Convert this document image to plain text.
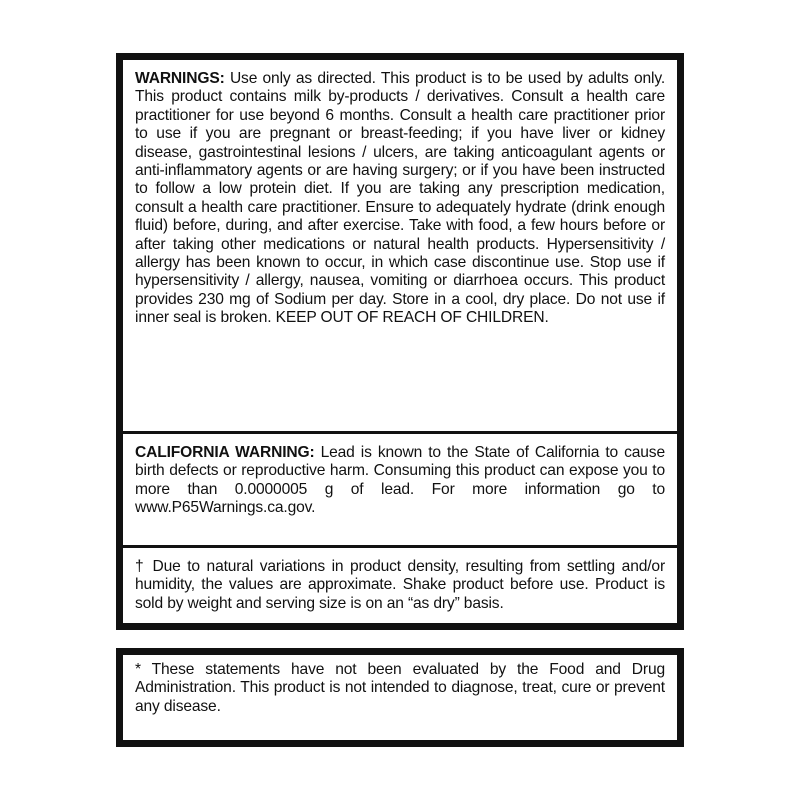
WARNINGS: Use only as directed. This product is to be used by adults only. This product contains milk by-products / derivatives. Consult a health care practitioner for use beyond 6 months. Consult a health care practitioner prior to use if you are pregnant or breast-feeding; if you have liver or kidney disease, gastrointestinal lesions / ulcers, are taking anticoagulant agents or anti-inflammatory agents or are having surgery; or if you have been instructed to follow a low protein diet. If you are taking any prescription medication, consult a health care practitioner. Ensure to adequately hydrate (drink enough fluid) before, during, and after exercise. Take with food, a few hours before or after taking other medications or natural health products. Hypersensitivity / allergy has been known to occur, in which case discontinue use. Stop use if hypersensitivity / allergy, nausea, vomiting or diarrhoea occurs. This product provides 230 mg of Sodium per day. Store in a cool, dry place. Do not use if inner seal is broken. KEEP OUT OF REACH OF CHILDREN.
CALIFORNIA WARNING: Lead is known to the State of California to cause birth defects or reproductive harm. Consuming this product can expose you to more than 0.0000005 g of lead. For more information go to www.P65Warnings.ca.gov.
† Due to natural variations in product density, resulting from settling and/or humidity, the values are approximate. Shake product before use. Product is sold by weight and serving size is on an “as dry” basis.
* These statements have not been evaluated by the Food and Drug Administration. This product is not intended to diagnose, treat, cure or prevent any disease.
